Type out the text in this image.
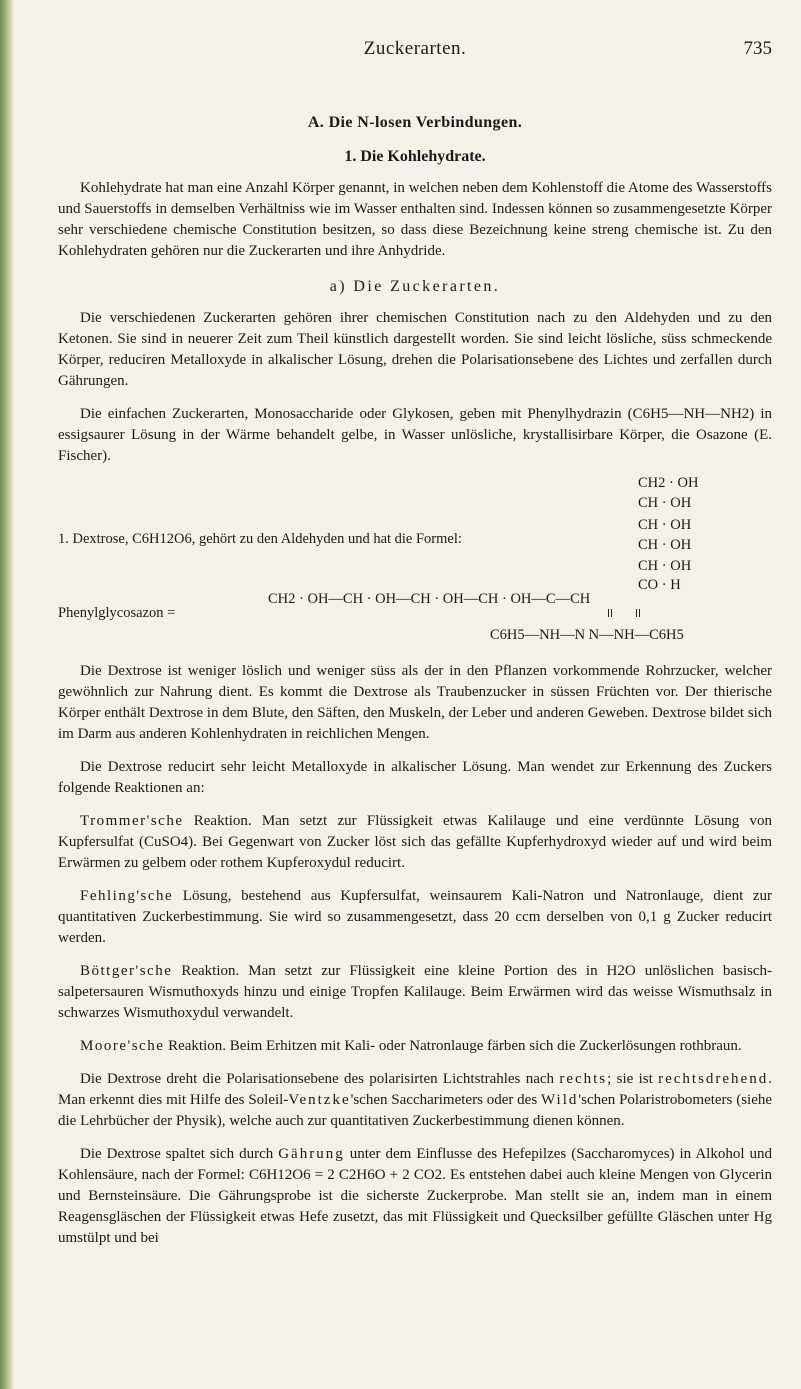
Zuckerarten.	735
A. Die N-losen Verbindungen.
1. Die Kohlehydrate.

Kohlehydrate hat man eine Anzahl Körper genannt, in welchen neben dem Kohlenstoff die Atome des Wasserstoffs und Sauerstoffs in demselben Verhältniss wie im Wasser enthalten sind. Indessen können so zusammengesetzte Körper sehr verschiedene chemische Constitution besitzen, so dass diese Bezeichnung keine streng chemische ist. Zu den Kohlehydraten gehören nur die Zuckerarten und ihre Anhydride.

a) Die Zuckerarten.

Die verschiedenen Zuckerarten gehören ihrer chemischen Constitution nach zu den Aldehyden und zu den Ketonen. Sie sind in neuerer Zeit zum Theil künstlich dargestellt worden. Sie sind leicht lösliche, süss schmeckende Körper, reduciren Metalloxyde in alkalischer Lösung, drehen die Polarisationsebene des Lichtes und zerfallen durch Gährungen.

Die einfachen Zuckerarten, Monosaccharide oder Glykosen, geben mit Phenylhydrazin (C6H5—NH—NH2) in essigsaurer Lösung in der Wärme behandelt gelbe, in Wasser unlösliche, krystallisirbare Körper, die Osazone (E. Fischer).

1. Dextrose, C6H12O6, gehört zu den Aldehyden und hat die Formel:
CH2 · OH
CH · OH
CH · OH
CH · OH
CH · OH
CO · H
Phenylglycosazon =
CH2 · OH—CH · OH—CH · OH—CH · OH—C—CH
C6H5—NH—N N—NH—C6H5

Die Dextrose ist weniger löslich und weniger süss als der in den Pflanzen vorkommende Rohrzucker, welcher gewöhnlich zur Nahrung dient. Es kommt die Dextrose als Traubenzucker in süssen Früchten vor. Der thierische Körper enthält Dextrose in dem Blute, den Säften, den Muskeln, der Leber und anderen Geweben. Dextrose bildet sich im Darm aus anderen Kohlenhydraten in reichlichen Mengen.

Die Dextrose reducirt sehr leicht Metalloxyde in alkalischer Lösung. Man wendet zur Erkennung des Zuckers folgende Reaktionen an:

Trommer'sche Reaktion. Man setzt zur Flüssigkeit etwas Kalilauge und eine verdünnte Lösung von Kupfersulfat (CuSO4). Bei Gegenwart von Zucker löst sich das gefällte Kupferhydroxyd wieder auf und wird beim Erwärmen zu gelbem oder rothem Kupferoxydul reducirt.

Fehling'sche Lösung, bestehend aus Kupfersulfat, weinsaurem Kali-Natron und Natronlauge, dient zur quantitativen Zuckerbestimmung. Sie wird so zusammengesetzt, dass 20 ccm derselben von 0,1 g Zucker reducirt werden.

Böttger'sche Reaktion. Man setzt zur Flüssigkeit eine kleine Portion des in H2O unlöslichen basisch-salpetersauren Wismuthoxyds hinzu und einige Tropfen Kalilauge. Beim Erwärmen wird das weisse Wismuthsalz in schwarzes Wismuthoxydul verwandelt.

Moore'sche Reaktion. Beim Erhitzen mit Kali- oder Natronlauge färben sich die Zuckerlösungen rothbraun.

Die Dextrose dreht die Polarisationsebene des polarisirten Lichtstrahles nach rechts; sie ist rechtsdrehend. Man erkennt dies mit Hilfe des Soleil-Ventzke'schen Saccharimeters oder des Wild'schen Polaristrobometers (siehe die Lehrbücher der Physik), welche auch zur quantitativen Zuckerbestimmung dienen können.

Die Dextrose spaltet sich durch Gährung unter dem Einflusse des Hefepilzes (Saccharomyces) in Alkohol und Kohlensäure, nach der Formel: C6H12O6 = 2 C2H6O + 2 CO2. Es entstehen dabei auch kleine Mengen von Glycerin und Bernsteinsäure. Die Gährungsprobe ist die sicherste Zuckerprobe. Man stellt sie an, indem man in einem Reagensgläschen der Flüssigkeit etwas Hefe zusetzt, das mit Flüssigkeit und Quecksilber gefüllte Gläschen unter Hg umstülpt und bei
